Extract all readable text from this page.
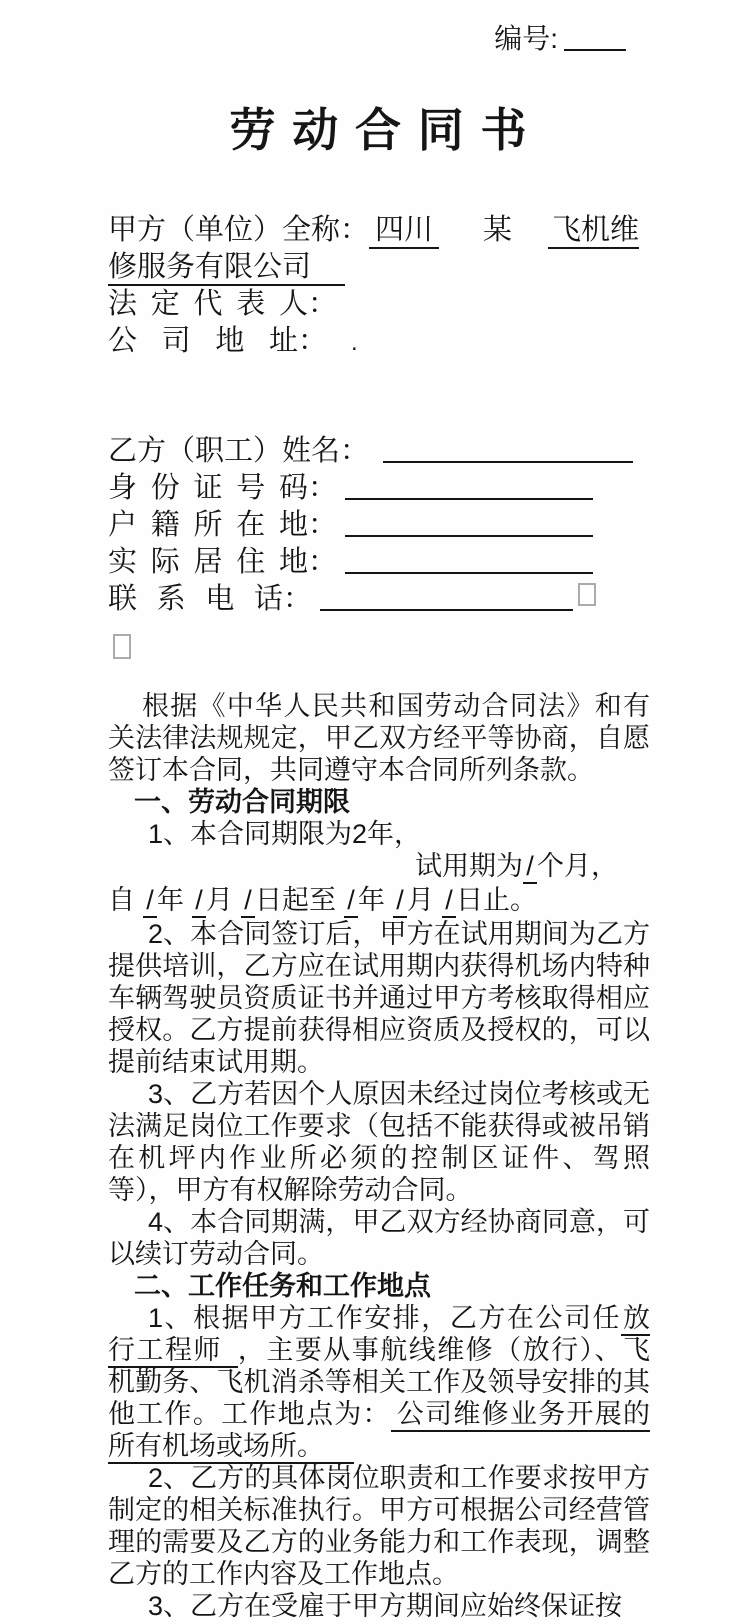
编号:
劳 动 合 同 书

甲方（单位）全称： 四川 某 飞机维修服务有限公司

法定代表人：

公司地址： .

乙方（职工）姓名：

身份证号码：

户籍所在地：

实际居住地：

联系电话：

根据《中华人民共和国劳动合同法》和有关法律法规规定，甲乙双方经平等协商，自愿签订本合同，共同遵守本合同所列条款。

一、劳动合同期限

1、本合同期限为2年，

试用期为 / 个月，
自 / 年 / 月 / 日起至 / 年 / 月 / 日止。

2、本合同签订后，甲方在试用期间为乙方提供培训，乙方应在试用期内获得机场内特种车辆驾驶员资质证书并通过甲方考核取得相应授权。乙方提前获得相应资质及授权的，可以提前结束试用期。

3、乙方若因个人原因未经过岗位考核或无法满足岗位工作要求（包括不能获得或被吊销在机坪内作业所必须的控制区证件、驾照等），甲方有权解除劳动合同。

4、本合同期满，甲乙双方经协商同意，可以续订劳动合同。

二、工作任务和工作地点

1、根据甲方工作安排，乙方在公司任放行工程师 ，主要从事航线维修（放行）、飞机勤务、飞机消杀等相关工作及领导安排的其他工作。工作地点为： 公司维修业务开展的所有机场或场所。

2、乙方的具体岗位职责和工作要求按甲方制定的相关标准执行。甲方可根据公司经营管理的需要及乙方的业务能力和工作表现，调整乙方的工作内容及工作地点。

3、乙方在受雇于甲方期间应始终保证按
